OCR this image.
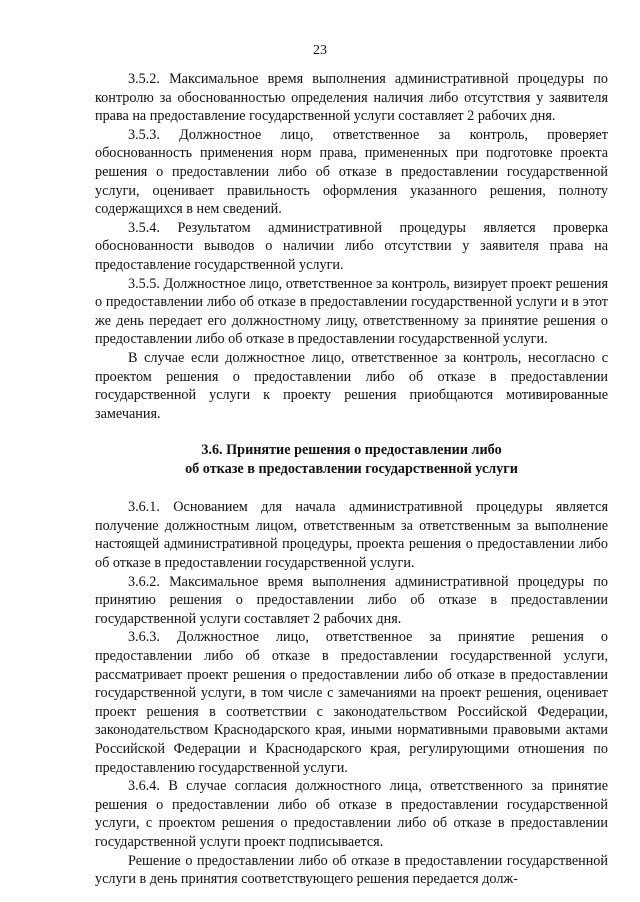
23

3.5.2. Максимальное время выполнения административной процедуры по контролю за обоснованностью определения наличия либо отсутствия у заявителя права на предоставление государственной услуги составляет 2 рабочих дня.

3.5.3. Должностное лицо, ответственное за контроль, проверяет обоснованность применения норм права, примененных при подготовке проекта решения о предоставлении либо об отказе в предоставлении государственной услуги, оценивает правильность оформления указанного решения, полноту содержащихся в нем сведений.

3.5.4. Результатом административной процедуры является проверка обоснованности выводов о наличии либо отсутствии у заявителя права на предоставление государственной услуги.

3.5.5. Должностное лицо, ответственное за контроль, визирует проект решения о предоставлении либо об отказе в предоставлении государственной услуги и в этот же день передает его должностному лицу, ответственному за принятие решения о предоставлении либо об отказе в предоставлении государственной услуги.

В случае если должностное лицо, ответственное за контроль, несогласно с проектом решения о предоставлении либо об отказе в предоставлении государственной услуги к проекту решения приобщаются мотивированные замечания.

3.6. Принятие решения о предоставлении либо
об отказе в предоставлении государственной услуги

3.6.1. Основанием для начала административной процедуры является получение должностным лицом, ответственным за ответственным за выполнение настоящей административной процедуры, проекта решения о предоставлении либо об отказе в предоставлении государственной услуги.

3.6.2. Максимальное время выполнения административной процедуры по принятию решения о предоставлении либо об отказе в предоставлении государственной услуги составляет 2 рабочих дня.

3.6.3. Должностное лицо, ответственное за принятие решения о предоставлении либо об отказе в предоставлении государственной услуги, рассматривает проект решения о предоставлении либо об отказе в предоставлении государственной услуги, в том числе с замечаниями на проект решения, оценивает проект решения в соответствии с законодательством Российской Федерации, законодательством Краснодарского края, иными нормативными правовыми актами Российской Федерации и Краснодарского края, регулирующими отношения по предоставлению государственной услуги.

3.6.4. В случае согласия должностного лица, ответственного за принятие решения о предоставлении либо об отказе в предоставлении государственной услуги, с проектом решения о предоставлении либо об отказе в предоставлении государственной услуги проект подписывается.

Решение о предоставлении либо об отказе в предоставлении государственной услуги в день принятия соответствующего решения передается долж-
